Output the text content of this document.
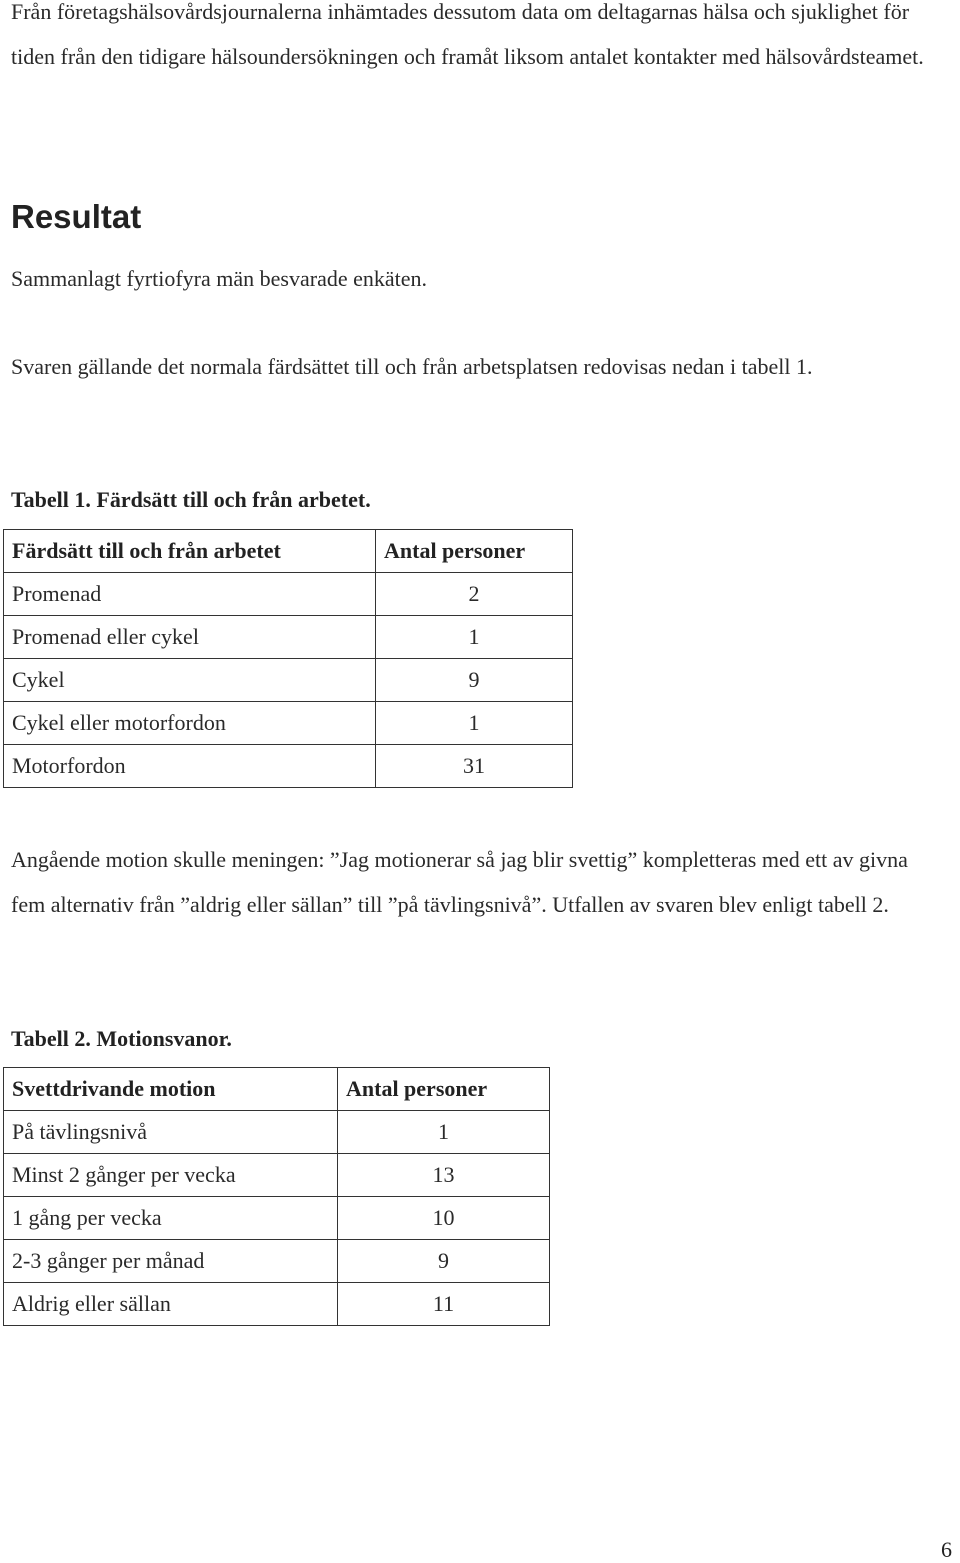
Från företagshälsovårdsjournalerna inhämtades dessutom data om deltagarnas hälsa och sjuklighet för tiden från den tidigare hälsoundersökningen och framåt liksom antalet kontakter med hälsovårdsteamet.

Resultat

Sammanlagt fyrtiofyra män besvarade enkäten.

Svaren gällande det normala färdsättet till och från arbetsplatsen redovisas nedan i tabell 1.

Tabell 1. Färdsätt till och från arbetet.

Färdsätt till och från arbetet	Antal personer
Promenad	2
Promenad eller cykel	1
Cykel	9
Cykel eller motorfordon	1
Motorfordon	31

Angående motion skulle meningen: ”Jag motionerar så jag blir svettig” kompletteras med ett av givna fem alternativ från ”aldrig eller sällan” till ”på tävlingsnivå”. Utfallen av svaren blev enligt tabell 2.

Tabell 2. Motionsvanor.

Svettdrivande motion	Antal personer
På tävlingsnivå	1
Minst 2 gånger per vecka	13
1 gång per vecka	10
2-3 gånger per månad	9
Aldrig eller sällan	11
6
